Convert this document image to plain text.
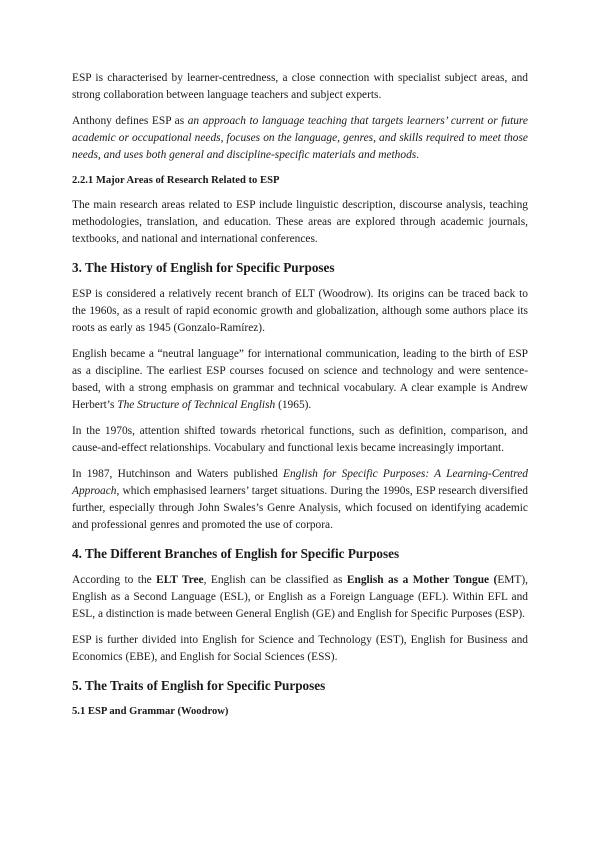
ESP is characterised by learner-centredness, a close connection with specialist subject areas, and strong collaboration between language teachers and subject experts.

Anthony defines ESP as an approach to language teaching that targets learners’ current or future academic or occupational needs, focuses on the language, genres, and skills required to meet those needs, and uses both general and discipline-specific materials and methods.

2.2.1 Major Areas of Research Related to ESP

The main research areas related to ESP include linguistic description, discourse analysis, teaching methodologies, translation, and education. These areas are explored through academic journals, textbooks, and national and international conferences.

3. The History of English for Specific Purposes

ESP is considered a relatively recent branch of ELT (Woodrow). Its origins can be traced back to the 1960s, as a result of rapid economic growth and globalization, although some authors place its roots as early as 1945 (Gonzalo-Ramírez).

English became a “neutral language” for international communication, leading to the birth of ESP as a discipline. The earliest ESP courses focused on science and technology and were sentence-based, with a strong emphasis on grammar and technical vocabulary. A clear example is Andrew Herbert’s The Structure of Technical English (1965).

In the 1970s, attention shifted towards rhetorical functions, such as definition, comparison, and cause-and-effect relationships. Vocabulary and functional lexis became increasingly important.

In 1987, Hutchinson and Waters published English for Specific Purposes: A Learning-Centred Approach, which emphasised learners’ target situations. During the 1990s, ESP research diversified further, especially through John Swales’s Genre Analysis, which focused on identifying academic and professional genres and promoted the use of corpora.

4. The Different Branches of English for Specific Purposes

According to the ELT Tree, English can be classified as English as a Mother Tongue (EMT), English as a Second Language (ESL), or English as a Foreign Language (EFL). Within EFL and ESL, a distinction is made between General English (GE) and English for Specific Purposes (ESP).

ESP is further divided into English for Science and Technology (EST), English for Business and Economics (EBE), and English for Social Sciences (ESS).

5. The Traits of English for Specific Purposes
5.1 ESP and Grammar (Woodrow)
